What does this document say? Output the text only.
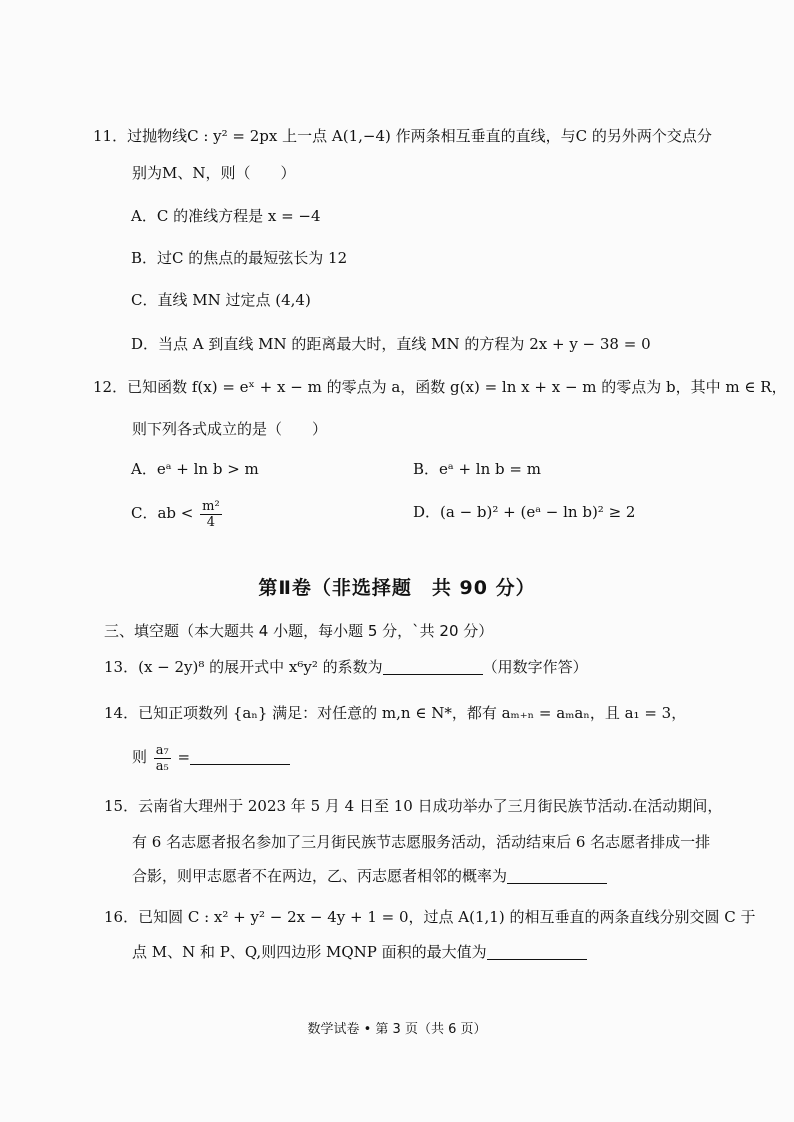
11．过抛物线C : y² = 2px 上一点 A(1,−4) 作两条相互垂直的直线，与C 的另外两个交点分
别为M、N，则（　　）
A．C 的准线方程是 x = −4
B．过C 的焦点的最短弦长为 12
C．直线 MN 过定点 (4,4)
D．当点 A 到直线 MN 的距离最大时，直线 MN 的方程为 2x + y − 38 = 0
12．已知函数 f(x) = eˣ + x − m 的零点为 a，函数 g(x) = ln x + x − m 的零点为 b，其中 m ∈ R，
则下列各式成立的是（　　）
A．eᵃ + ln b > m	B．eᵃ + ln b = m
C．ab < $\frac{\text{m²}}{4}$	D．(a − b)² + (eᵃ − ln b)² ≥ 2
第Ⅱ卷（非选择题　共 90 分）
三、填空题（本大题共 4 小题，每小题 5 分，`共 20 分）
13．(x − 2y)⁸ 的展开式中 x⁶y² 的系数为	（用数字作答）
14．已知正项数列 {aₙ} 满足：对任意的 m,n ∈ N*，都有 aₘ₊ₙ = aₘaₙ，且 a₁ = 3，
则 $\frac{\text{a₇}}{\text{a₅}}$ =
15．云南省大理州于 2023 年 5 月 4 日至 10 日成功举办了三月街民族节活动.在活动期间，
有 6 名志愿者报名参加了三月街民族节志愿服务活动，活动结束后 6 名志愿者排成一排
合影，则甲志愿者不在两边，乙、丙志愿者相邻的概率为
16．已知圆 C : x² + y² − 2x − 4y + 1 = 0，过点 A(1,1) 的相互垂直的两条直线分别交圆 C 于
点 M、N 和 P、Q,则四边形 MQNP 面积的最大值为
数学试卷 • 第 3 页（共 6 页）
